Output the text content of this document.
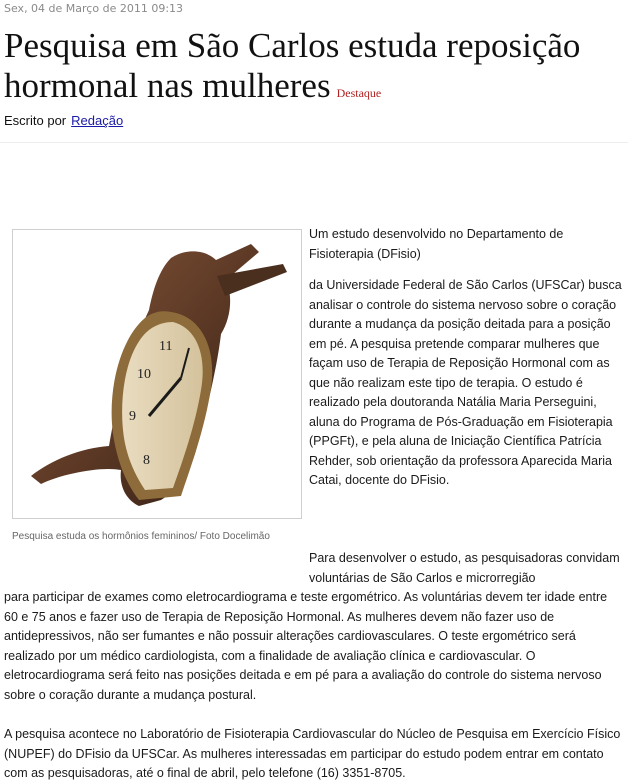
Sex, 04 de Março de 2011 09:13
Pesquisa em São Carlos estuda reposição hormonal nas mulheres Destaque
Escrito por Redação
11
10
9
8
Pesquisa estuda os hormônios femininos/ Foto Docelimão

Um estudo desenvolvido no Departamento de Fisioterapia (DFisio)

da Universidade Federal de São Carlos (UFSCar) busca analisar o controle do sistema nervoso sobre o coração durante a mudança da posição deitada para a posição em pé. A pesquisa pretende comparar mulheres que façam uso de Terapia de Reposição Hormonal com as que não realizam este tipo de terapia. O estudo é realizado pela doutoranda Natália Maria Perseguini, aluna do Programa de Pós-Graduação em Fisioterapia (PPGFt), e pela aluna de Iniciação Científica Patrícia Rehder, sob orientação da professora Aparecida Maria Catai, docente do DFisio.

Para desenvolver o estudo, as pesquisadoras convidam voluntárias de São Carlos e microrregião
para participar de exames como eletrocardiograma e teste ergométrico. As voluntárias devem ter idade entre 60 e 75 anos e fazer uso de Terapia de Reposição Hormonal. As mulheres devem não fazer uso de antidepressivos, não ser fumantes e não possuir alterações cardiovasculares. O teste ergométrico será realizado por um médico cardiologista, com a finalidade de avaliação clínica e cardiovascular. O eletrocardiograma será feito nas posições deitada e em pé para a avaliação do controle do sistema nervoso sobre o coração durante a mudança postural.

A pesquisa acontece no Laboratório de Fisioterapia Cardiovascular do Núcleo de Pesquisa em Exercício Físico (NUPEF) do DFisio da UFSCar. As mulheres interessadas em participar do estudo podem entrar em contato com as pesquisadoras, até o final de abril, pelo telefone (16) 3351-8705.
